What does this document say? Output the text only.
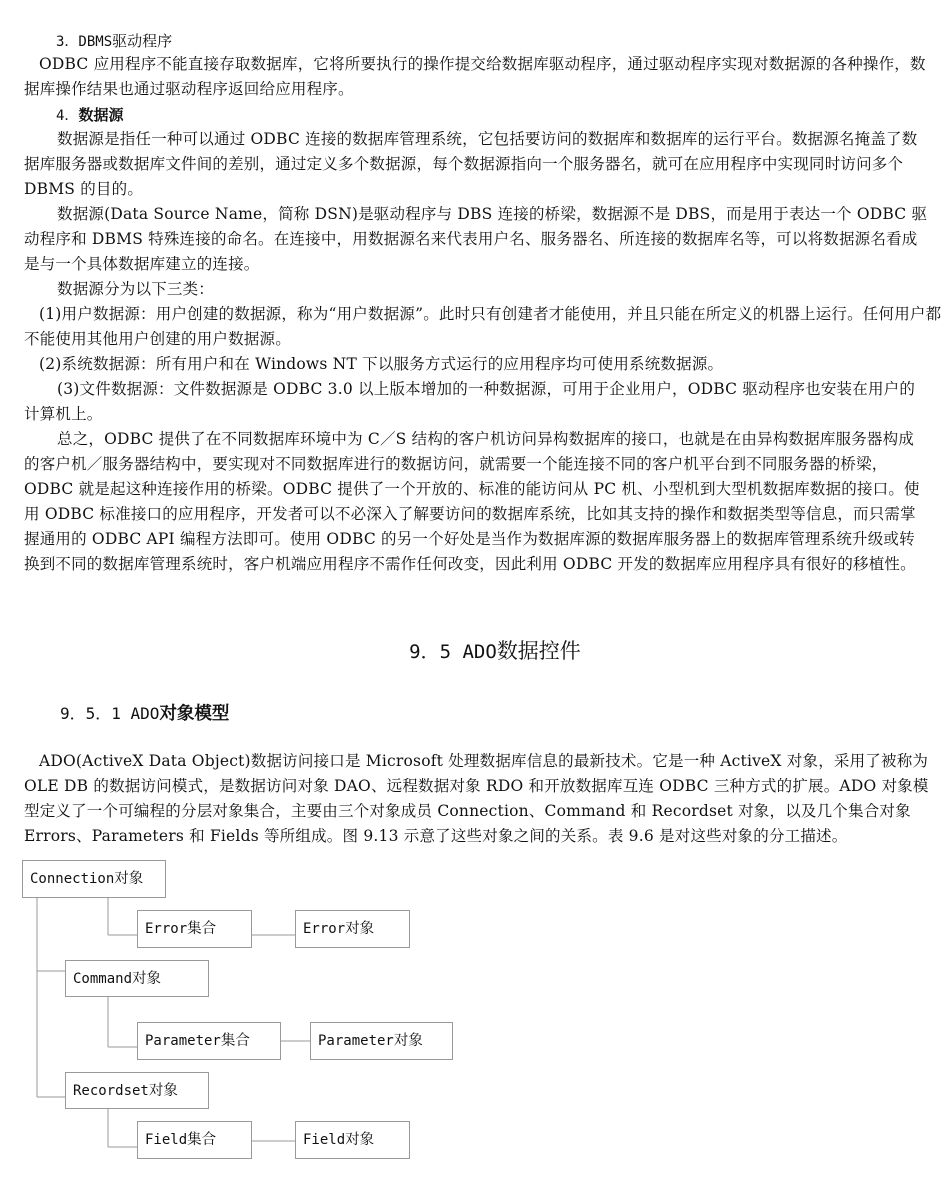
3．DBMS驱动程序

ODBC 应用程序不能直接存取数据库，它将所要执行的操作提交给数据库驱动程序，通过驱动程序实现对数据源的各种操作，数据库操作结果也通过驱动程序返回给应用程序。

4．数据源

数据源是指任一种可以通过 ODBC 连接的数据库管理系统，它包括要访问的数据库和数据库的运行平台。数据源名掩盖了数据库服务器或数据库文件间的差别，通过定义多个数据源，每个数据源指向一个服务器名，就可在应用程序中实现同时访问多个 DBMS 的目的。

数据源(Data Source Name，简称 DSN)是驱动程序与 DBS 连接的桥梁，数据源不是 DBS，而是用于表达一个 ODBC 驱动程序和 DBMS 特殊连接的命名。在连接中，用数据源名来代表用户名、服务器名、所连接的数据库名等，可以将数据源名看成是与一个具体数据库建立的连接。

数据源分为以下三类：

(1)用户数据源：用户创建的数据源，称为“用户数据源”。此时只有创建者才能使用，并且只能在所定义的机器上运行。任何用户都不能使用其他用户创建的用户数据源。

(2)系统数据源：所有用户和在 Windows NT 下以服务方式运行的应用程序均可使用系统数据源。

(3)文件数据源：文件数据源是 ODBC 3.0 以上版本增加的一种数据源，可用于企业用户，ODBC 驱动程序也安装在用户的计算机上。

总之，ODBC 提供了在不同数据库环境中为 C／S 结构的客户机访问异构数据库的接口，也就是在由异构数据库服务器构成的客户机／服务器结构中，要实现对不同数据库进行的数据访问，就需要一个能连接不同的客户机平台到不同服务器的桥梁，ODBC 就是起这种连接作用的桥梁。ODBC 提供了一个开放的、标准的能访问从 PC 机、小型机到大型机数据库数据的接口。使用 ODBC 标准接口的应用程序，开发者可以不必深入了解要访问的数据库系统，比如其支持的操作和数据类型等信息，而只需掌握通用的 ODBC API 编程方法即可。使用 ODBC 的另一个好处是当作为数据库源的数据库服务器上的数据库管理系统升级或转换到不同的数据库管理系统时，客户机端应用程序不需作任何改变，因此利用 ODBC 开发的数据库应用程序具有很好的移植性。

9．5 ADO数据控件
9．5．1 ADO对象模型

ADO(ActiveX Data Object)数据访问接口是 Microsoft 处理数据库信息的最新技术。它是一种 ActiveX 对象，采用了被称为 OLE DB 的数据访问模式，是数据访问对象 DAO、远程数据对象 RDO 和开放数据库互连 ODBC 三种方式的扩展。ADO 对象模型定义了一个可编程的分层对象集合，主要由三个对象成员 Connection、Command 和 Recordset 对象，以及几个集合对象 Errors、Parameters 和 Fields 等所组成。图 9.13 示意了这些对象之间的关系。表 9.6 是对这些对象的分工描述。

Connection对象
Error集合	Error对象
Command对象
Parameter集合	Parameter对象
Recordset对象
Field集合	Field对象
